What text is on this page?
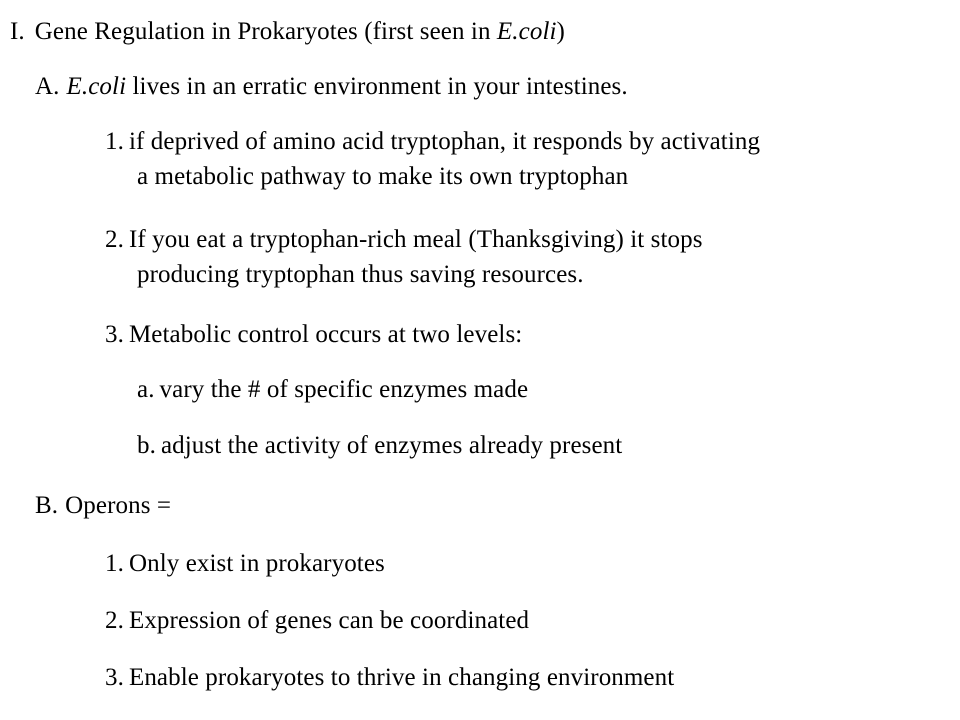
I. Gene Regulation in Prokaryotes (first seen in E.coli)
A. E.coli lives in an erratic environment in your intestines.
1. if deprived of amino acid tryptophan, it responds by activating
a metabolic pathway to make its own tryptophan
2. If you eat a tryptophan-rich meal (Thanksgiving) it stops
producing tryptophan thus saving resources.
3. Metabolic control occurs at two levels:
a. vary the # of specific enzymes made
b. adjust the activity of enzymes already present
B. Operons =
1. Only exist in prokaryotes
2. Expression of genes can be coordinated
3. Enable prokaryotes to thrive in changing environment
